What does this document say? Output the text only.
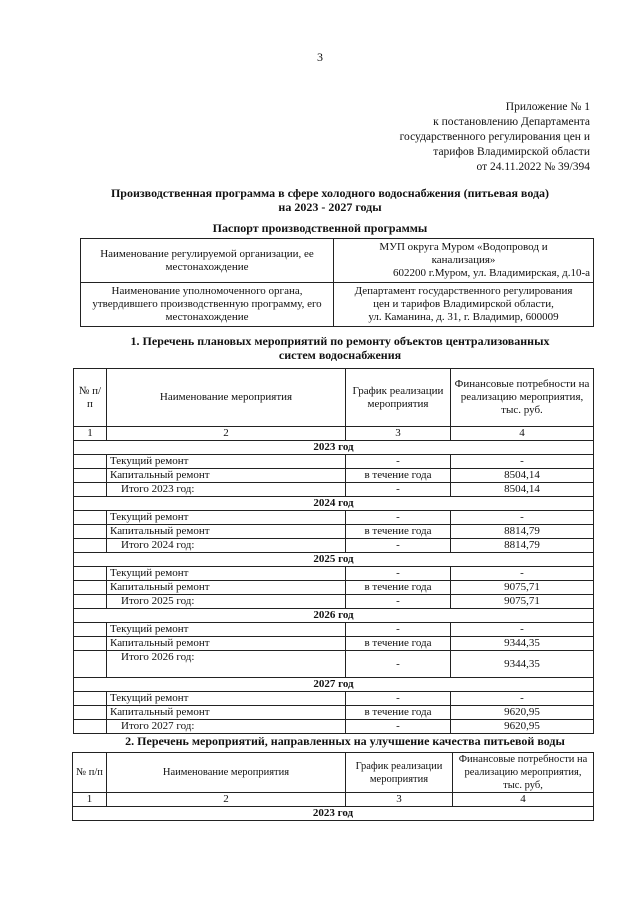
3
Приложение № 1
к постановлению Департамента
государственного регулирования цен и
тарифов Владимирской области
от 24.11.2022 № 39/394
Производственная программа в сфере холодного водоснабжения (питьевая вода)
на 2023 - 2027 годы
Паспорт производственной программы
Наименование регулируемой организации, ее местонахождение	МУП округа Муром «Водопровод и
канализация»
602200 г.Муром, ул. Владимирская, д.10-а

Наименование уполномоченного органа, утвердившего производственную программу, его местонахождение	Департамент государственного регулирования
цен и тарифов Владимирской области,
ул. Каманина, д. 31, г. Владимир, 600009
1. Перечень плановых мероприятий по ремонту объектов централизованных
систем водоснабжения
№ п/п	Наименование мероприятия	График реализации мероприятия	Финансовые потребности на реализацию мероприятия, тыс. руб.
1	2	3	4
2023 год			
	Текущий ремонт	-	-
	Капитальный ремонт	в течение года	8504,14
	Итого 2023 год:	-	8504,14
2024 год			
	Текущий ремонт	-	-
	Капитальный ремонт	в течение года	8814,79
	Итого 2024 год:	-	8814,79
2025 год			
	Текущий ремонт	-	-
	Капитальный ремонт	в течение года	9075,71
	Итого 2025 год:	-	9075,71
2026 год			
	Текущий ремонт	-	-
	Капитальный ремонт	в течение года	9344,35
	Итого 2026 год:	-	9344,35
2027 год			
	Текущий ремонт	-	-
	Капитальный ремонт	в течение года	9620,95
	Итого 2027 год:	-	9620,95
2. Перечень мероприятий, направленных на улучшение качества питьевой воды
№ п/п	Наименование мероприятия	График реализации мероприятия	Финансовые потребности на реализацию мероприятия, тыс. руб,
1	2	3	4
2023 год			
